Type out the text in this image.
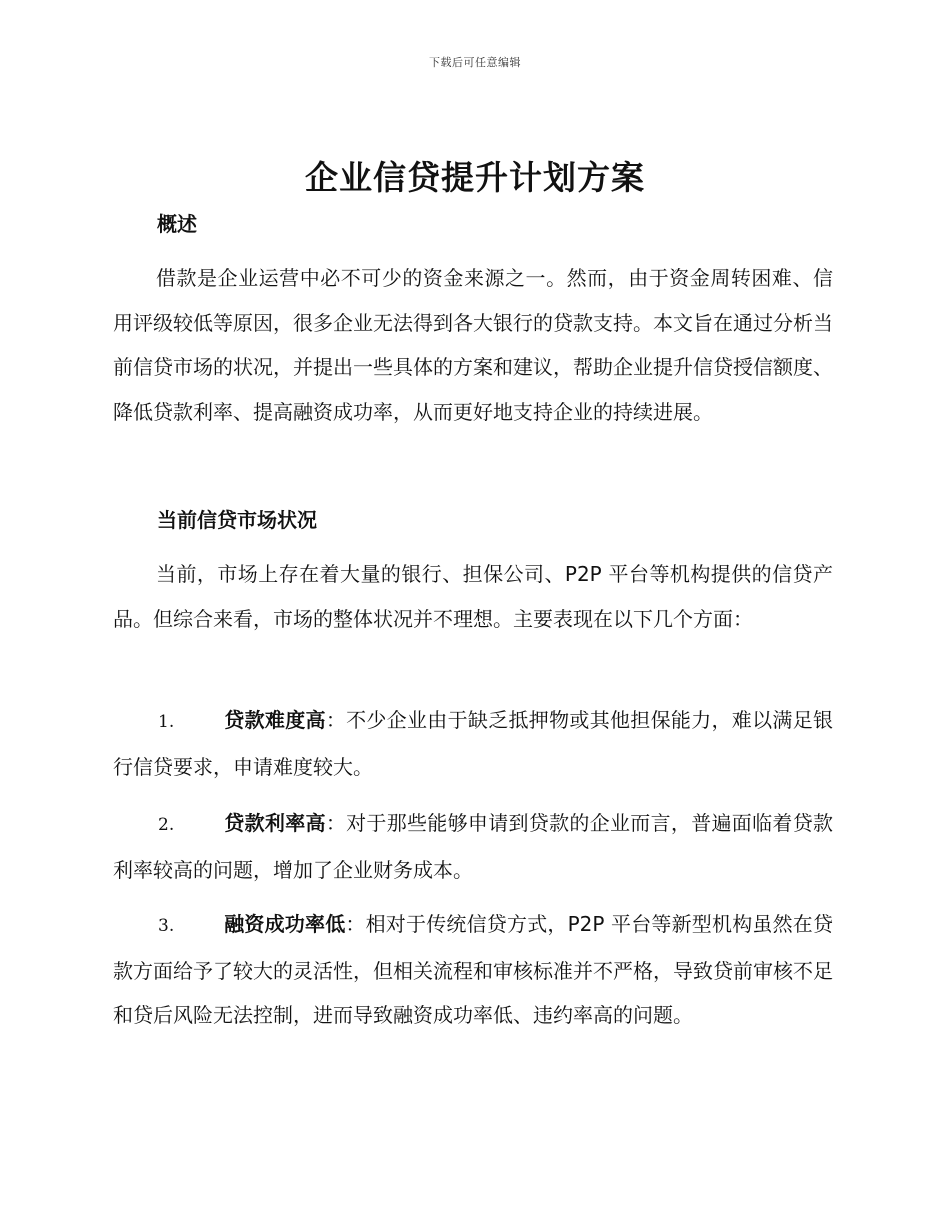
下载后可任意编辑
企业信贷提升计划方案
概述

借款是企业运营中必不可少的资金来源之一。然而，由于资金周转困难、信用评级较低等原因，很多企业无法得到各大银行的贷款支持。本文旨在通过分析当前信贷市场的状况，并提出一些具体的方案和建议，帮助企业提升信贷授信额度、降低贷款利率、提高融资成功率，从而更好地支持企业的持续进展。

当前信贷市场状况

当前，市场上存在着大量的银行、担保公司、P2P 平台等机构提供的信贷产品。但综合来看，市场的整体状况并不理想。主要表现在以下几个方面：

1. 贷款难度高：不少企业由于缺乏抵押物或其他担保能力，难以满足银行信贷要求，申请难度较大。

2. 贷款利率高：对于那些能够申请到贷款的企业而言，普遍面临着贷款利率较高的问题，增加了企业财务成本。

3. 融资成功率低：相对于传统信贷方式，P2P 平台等新型机构虽然在贷款方面给予了较大的灵活性，但相关流程和审核标准并不严格，导致贷前审核不足和贷后风险无法控制，进而导致融资成功率低、违约率高的问题。
